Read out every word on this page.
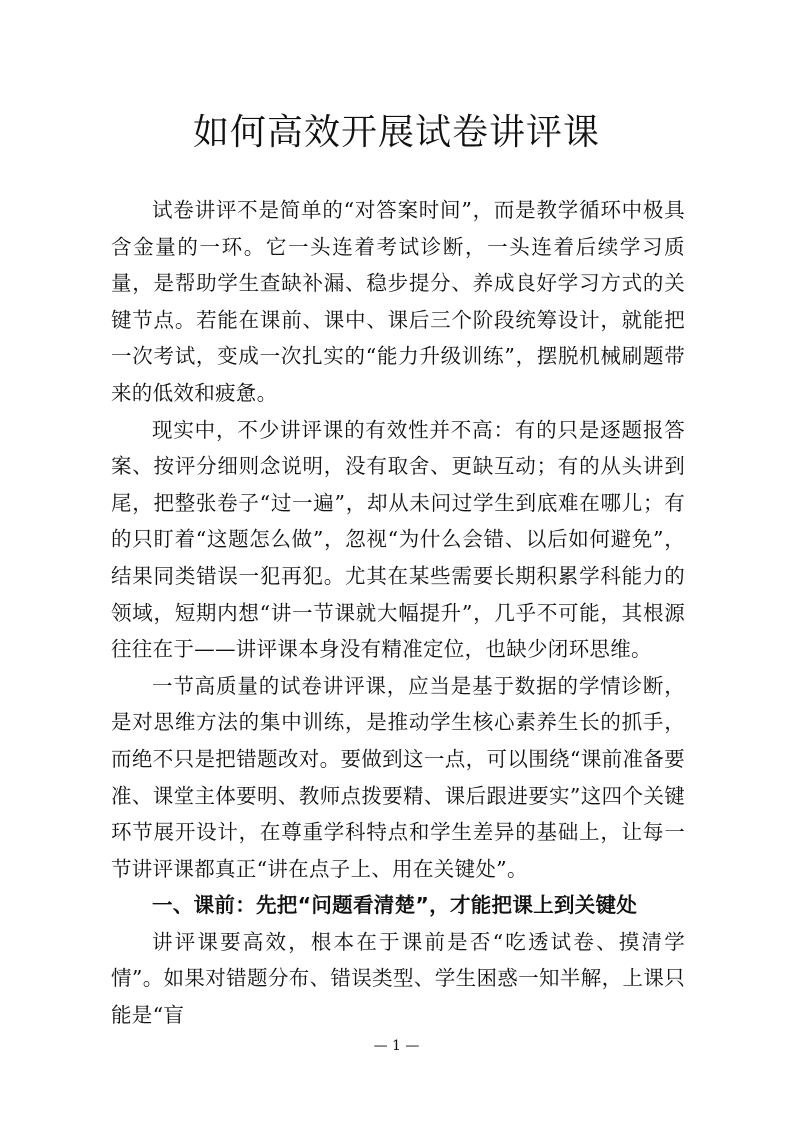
如何高效开展试卷讲评课

试卷讲评不是简单的“对答案时间”，而是教学循环中极具含金量的一环。它一头连着考试诊断，一头连着后续学习质量，是帮助学生查缺补漏、稳步提分、养成良好学习方式的关键节点。若能在课前、课中、课后三个阶段统筹设计，就能把一次考试，变成一次扎实的“能力升级训练”，摆脱机械刷题带来的低效和疲惫。

现实中，不少讲评课的有效性并不高：有的只是逐题报答案、按评分细则念说明，没有取舍、更缺互动；有的从头讲到尾，把整张卷子“过一遍”，却从未问过学生到底难在哪儿；有的只盯着“这题怎么做”，忽视“为什么会错、以后如何避免”，结果同类错误一犯再犯。尤其在某些需要长期积累学科能力的领域，短期内想“讲一节课就大幅提升”，几乎不可能，其根源往往在于——讲评课本身没有精准定位，也缺少闭环思维。

一节高质量的试卷讲评课，应当是基于数据的学情诊断，是对思维方法的集中训练，是推动学生核心素养生长的抓手，而绝不只是把错题改对。要做到这一点，可以围绕“课前准备要准、课堂主体要明、教师点拨要精、课后跟进要实”这四个关键环节展开设计，在尊重学科特点和学生差异的基础上，让每一节讲评课都真正“讲在点子上、用在关键处”。

一、课前：先把“问题看清楚”，才能把课上到关键处

讲评课要高效，根本在于课前是否“吃透试卷、摸清学情”。如果对错题分布、错误类型、学生困惑一知半解，上课只能是“盲

— 1 —
